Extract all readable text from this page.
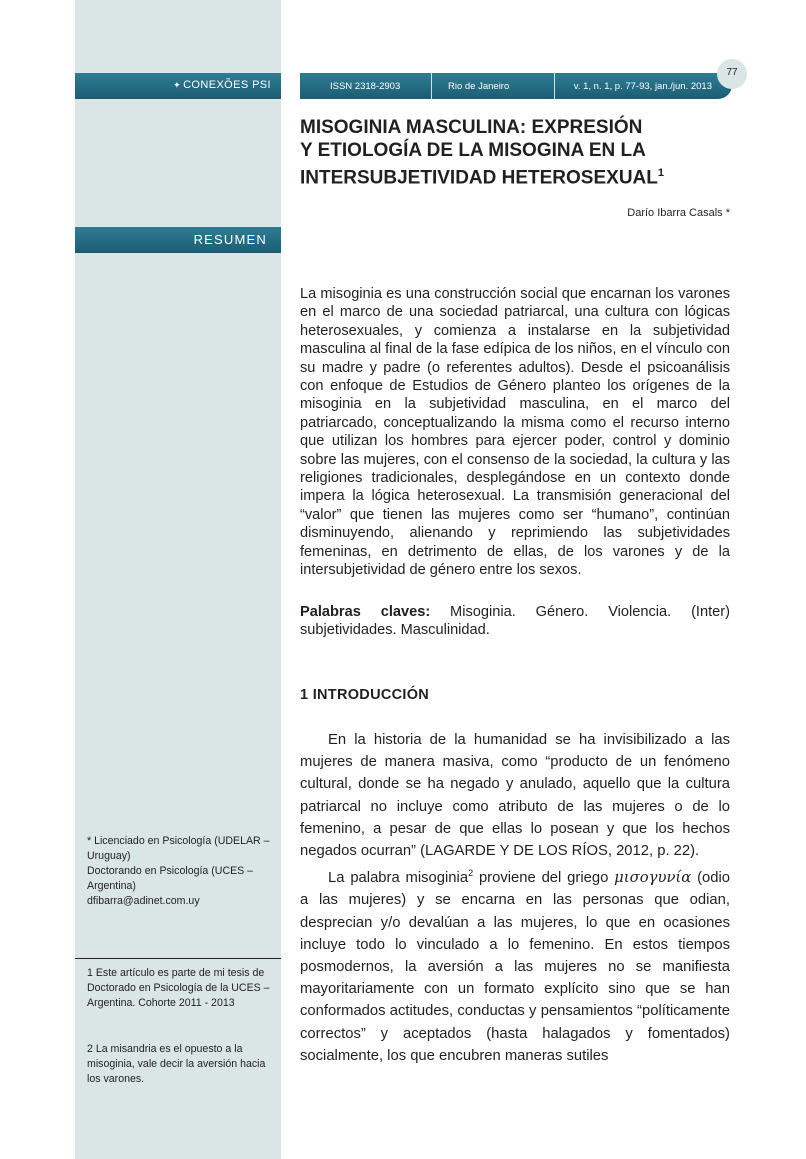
✦ CONEXÕES PSI	ISSN 2318-2903	Rio de Janeiro	v. 1, n. 1, p. 77-93, jan./jun. 2013
77
MISOGINIA MASCULINA: EXPRESIÓN
Y ETIOLOGÍA DE LA MISOGINA EN LA
INTERSUBJETIVIDAD HETEROSEXUAL$^1$
Darío Ibarra Casals *
RESUMEN

La misoginia es una construcción social que encarnan los varones en el marco de una sociedad patriarcal, una cultura con lógicas heterosexuales, y comienza a instalarse en la subjetividad masculina al final de la fase edípica de los niños, en el vínculo con su madre y padre (o referentes adultos). Desde el psicoanálisis con enfoque de Estudios de Género planteo los orígenes de la misoginia en la subjetividad masculina, en el marco del patriarcado, conceptualizando la misma como el recurso interno que utilizan los hombres para ejercer poder, control y dominio sobre las mujeres, con el consenso de la sociedad, la cultura y las religiones tradicionales, desplegándose en un contexto donde impera la lógica heterosexual. La transmisión generacional del “valor” que tienen las mujeres como ser “humano”, continúan disminuyendo, alienando y reprimiendo las subjetividades femeninas, en detrimento de ellas, de los varones y de la intersubjetividad de género entre los sexos.

Palabras claves: Misoginia. Género. Violencia. (Inter) subjetividades. Masculinidad.

1 INTRODUCCIÓN

En la historia de la humanidad se ha invisibilizado a las mujeres de manera masiva, como “producto de un fenómeno cultural, donde se ha negado y anulado, aquello que la cultura patriarcal no incluye como atributo de las mujeres o de lo femenino, a pesar de que ellas lo posean y que los hechos negados ocurran” (LAGARDE Y DE LOS RÍOS, 2012, p. 22).

La palabra misoginia$^2$ proviene del griego μισογυνία (odio a las mujeres) y se encarna en las personas que odian, desprecian y/o devalúan a las mujeres, lo que en ocasiones incluye todo lo vinculado a lo femenino. En estos tiempos posmodernos, la aversión a las mujeres no se manifiesta mayoritariamente con un formato explícito sino que se han conformados actitudes, conductas y pensamientos “políticamente correctos” y aceptados (hasta halagados y fomentados) socialmente, los que encubren maneras sutiles

* Licenciado en Psicología (UDELAR – Uruguay)
Doctorando en Psicología (UCES – Argentina)
dfibarra@adinet.com.uy
1 Este artículo es parte de mi tesis de Doctorado en Psicología de la UCES – Argentina. Cohorte 2011 - 2013
2 La misandria es el opuesto a la misoginia, vale decir la aversión hacia los varones.
